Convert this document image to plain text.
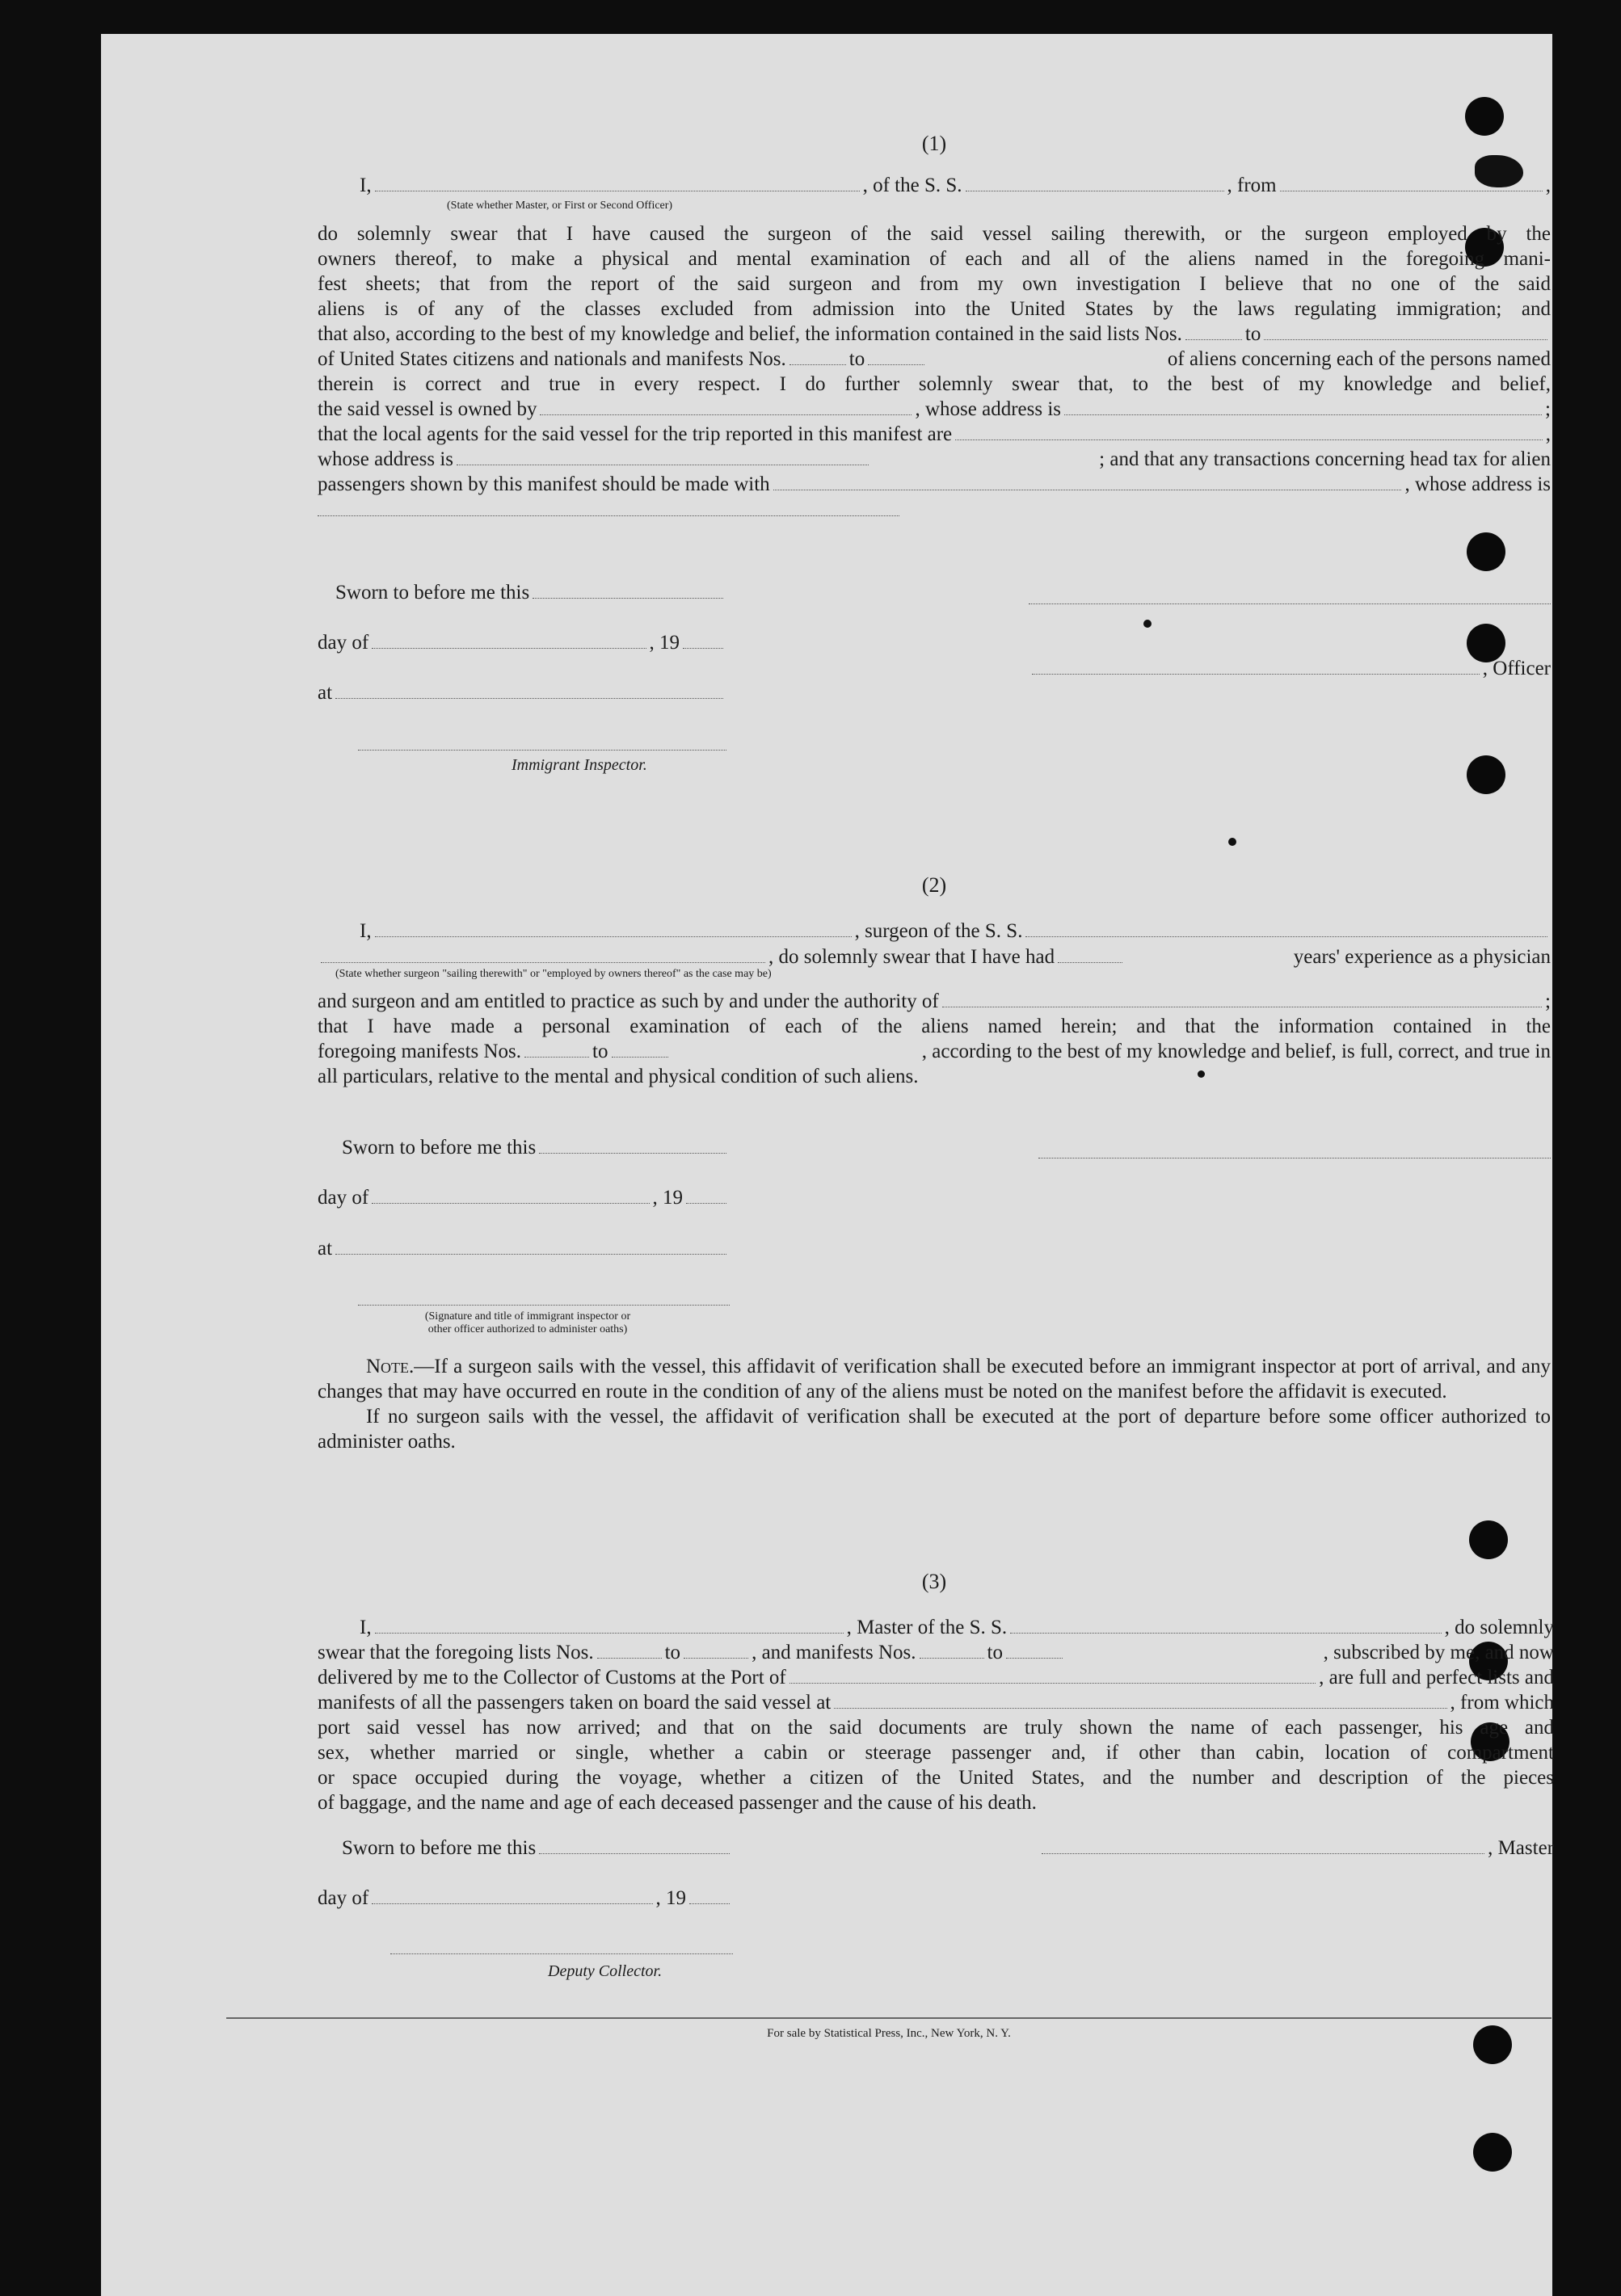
(1)

I,	, of the S. S.	, from	,
(State whether Master, or First or Second Officer)

do solemnly swear that I have caused the surgeon of the said vessel sailing therewith, or the surgeon employed by the

owners thereof, to make a physical and mental examination of each and all of the aliens named in the foregoing mani-

fest sheets; that from the report of the said surgeon and from my own investigation I believe that no one of the said

aliens is of any of the classes excluded from admission into the United States by the laws regulating immigration; and

that also, according to the best of my knowledge and belief, the information contained in the said lists Nos.	to
of United States citizens and nationals and manifests Nos.	to	of aliens concerning each of the persons named

therein is correct and true in every respect. I do further solemnly swear that, to the best of my knowledge and belief,

the said vessel is owned by	, whose address is	;
that the local agents for the said vessel for the trip reported in this manifest are	,
whose address is	; and that any transactions concerning head tax for alien
passengers shown by this manifest should be made with	, whose address is
Sworn to before me this
day of	, 19
, Officer
at
Immigrant Inspector.

(2)

I,	, surgeon of the S. S.
, do solemnly swear that I have had	years' experience as a physician
(State whether surgeon "sailing therewith" or "employed by owners thereof" as the case may be)
and surgeon and am entitled to practice as such by and under the authority of	;

that I have made a personal examination of each of the aliens named herein; and that the information contained in the

foregoing manifests Nos.	to	, according to the best of my knowledge and belief, is full, correct, and true in

all particulars, relative to the mental and physical condition of such aliens.

Sworn to before me this
day of	, 19
at
(Signature and title of immigrant inspector or
other officer authorized to administer oaths)

Note.—If a surgeon sails with the vessel, this affidavit of verification shall be executed before an immigrant inspector at port of arrival, and any changes that may have occurred en route in the condition of any of the aliens must be noted on the manifest before the affidavit is executed.

If no surgeon sails with the vessel, the affidavit of verification shall be executed at the port of departure before some officer authorized to administer oaths.

(3)

I,	, Master of the S. S.	, do solemnly
swear that the foregoing lists Nos.	to	, and manifests Nos.	to	, subscribed by me, and now
delivered by me to the Collector of Customs at the Port of	, are full and perfect lists and
manifests of all the passengers taken on board the said vessel at	, from which

port said vessel has now arrived; and that on the said documents are truly shown the name of each passenger, his age and

sex, whether married or single, whether a cabin or steerage passenger and, if other than cabin, location of compartment

or space occupied during the voyage, whether a citizen of the United States, and the number and description of the pieces

of baggage, and the name and age of each deceased passenger and the cause of his death.

Sworn to before me this	, Master
day of	, 19
Deputy Collector.
For sale by Statistical Press, Inc., New York, N. Y.
